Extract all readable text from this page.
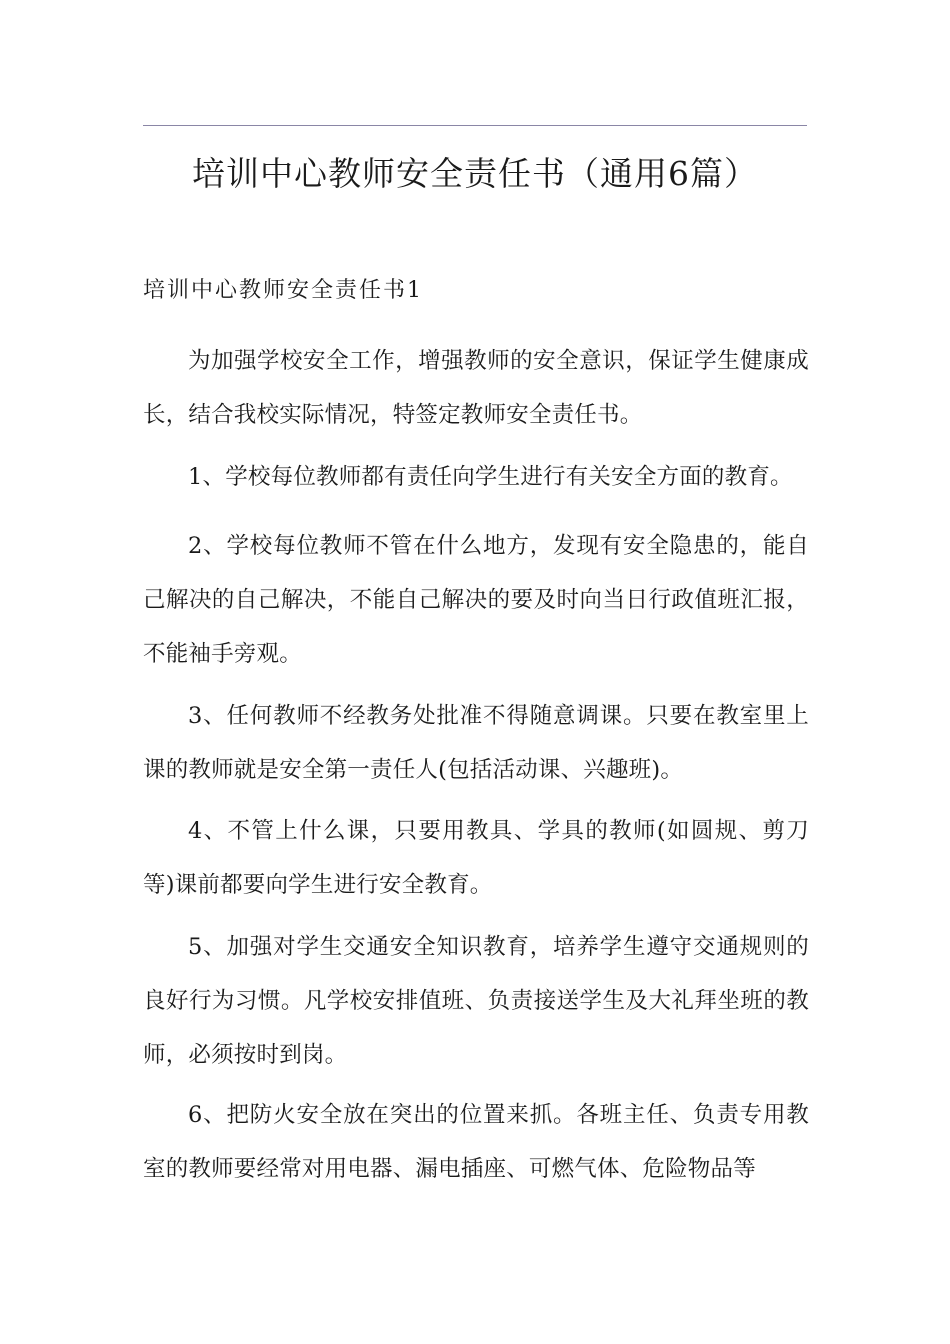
培训中心教师安全责任书（通用6篇）
培训中心教师安全责任书1

为加强学校安全工作，增强教师的安全意识，保证学生健康成长，结合我校实际情况，特签定教师安全责任书。

1、学校每位教师都有责任向学生进行有关安全方面的教育。

2、学校每位教师不管在什么地方，发现有安全隐患的，能自己解决的自己解决，不能自己解决的要及时向当日行政值班汇报，不能袖手旁观。

3、任何教师不经教务处批准不得随意调课。只要在教室里上课的教师就是安全第一责任人(包括活动课、兴趣班)。

4、不管上什么课，只要用教具、学具的教师(如圆规、剪刀等)课前都要向学生进行安全教育。

5、加强对学生交通安全知识教育，培养学生遵守交通规则的良好行为习惯。凡学校安排值班、负责接送学生及大礼拜坐班的教师，必须按时到岗。

6、把防火安全放在突出的位置来抓。各班主任、负责专用教室的教师要经常对用电器、漏电插座、可燃气体、危险物品等
